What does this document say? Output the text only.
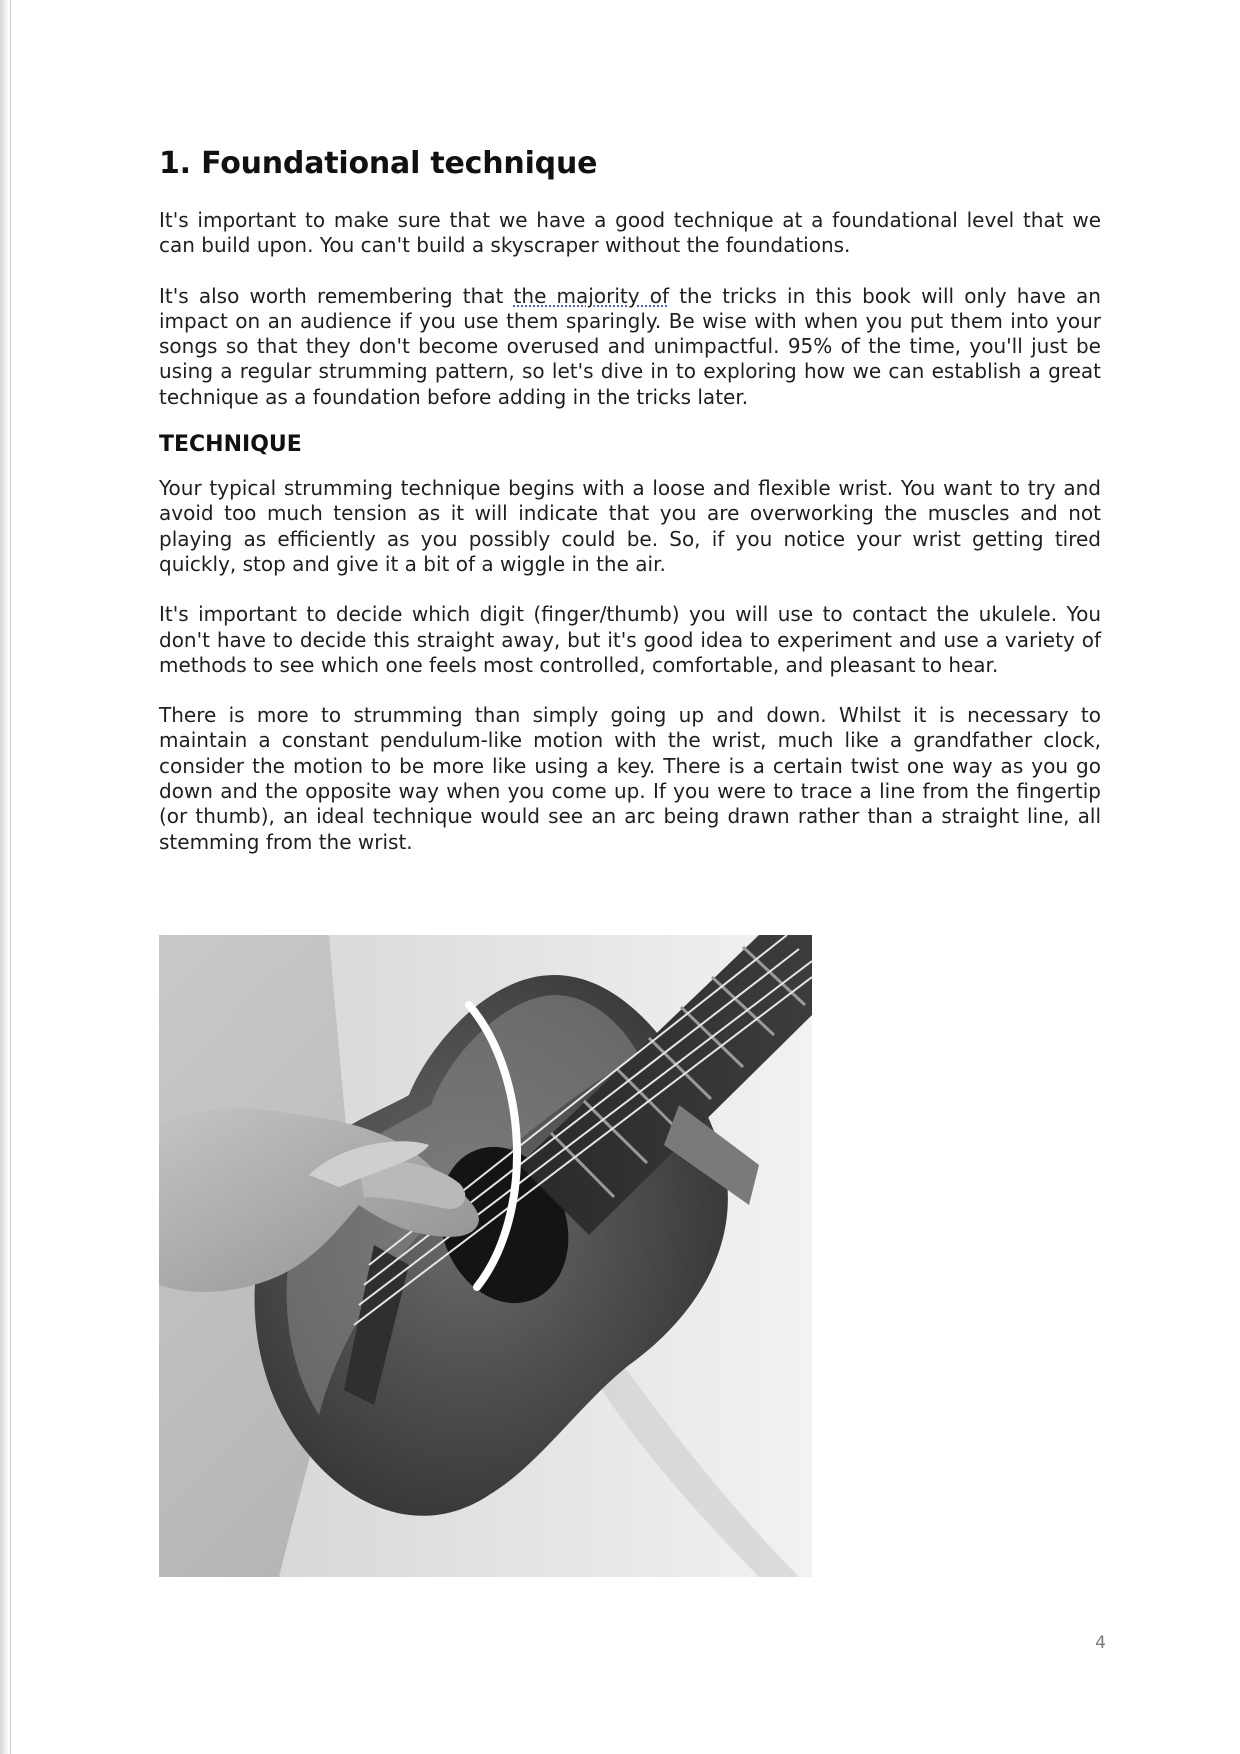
1. Foundational technique

It's important to make sure that we have a good technique at a foundational level that we can build upon. You can't build a skyscraper without the foundations.

It's also worth remembering that the majority of the tricks in this book will only have an impact on an audience if you use them sparingly. Be wise with when you put them into your songs so that they don't become overused and unimpactful. 95% of the time, you'll just be using a regular strumming pattern, so let's dive in to exploring how we can establish a great technique as a foundation before adding in the tricks later.

TECHNIQUE

Your typical strumming technique begins with a loose and flexible wrist. You want to try and avoid too much tension as it will indicate that you are overworking the muscles and not playing as efficiently as you possibly could be. So, if you notice your wrist getting tired quickly, stop and give it a bit of a wiggle in the air.

It's important to decide which digit (finger/thumb) you will use to contact the ukulele. You don't have to decide this straight away, but it's good idea to experiment and use a variety of methods to see which one feels most controlled, comfortable, and pleasant to hear.

There is more to strumming than simply going up and down. Whilst it is necessary to maintain a constant pendulum-like motion with the wrist, much like a grandfather clock, consider the motion to be more like using a key. There is a certain twist one way as you go down and the opposite way when you come up. If you were to trace a line from the fingertip (or thumb), an ideal technique would see an arc being drawn rather than a straight line, all stemming from the wrist.

4
